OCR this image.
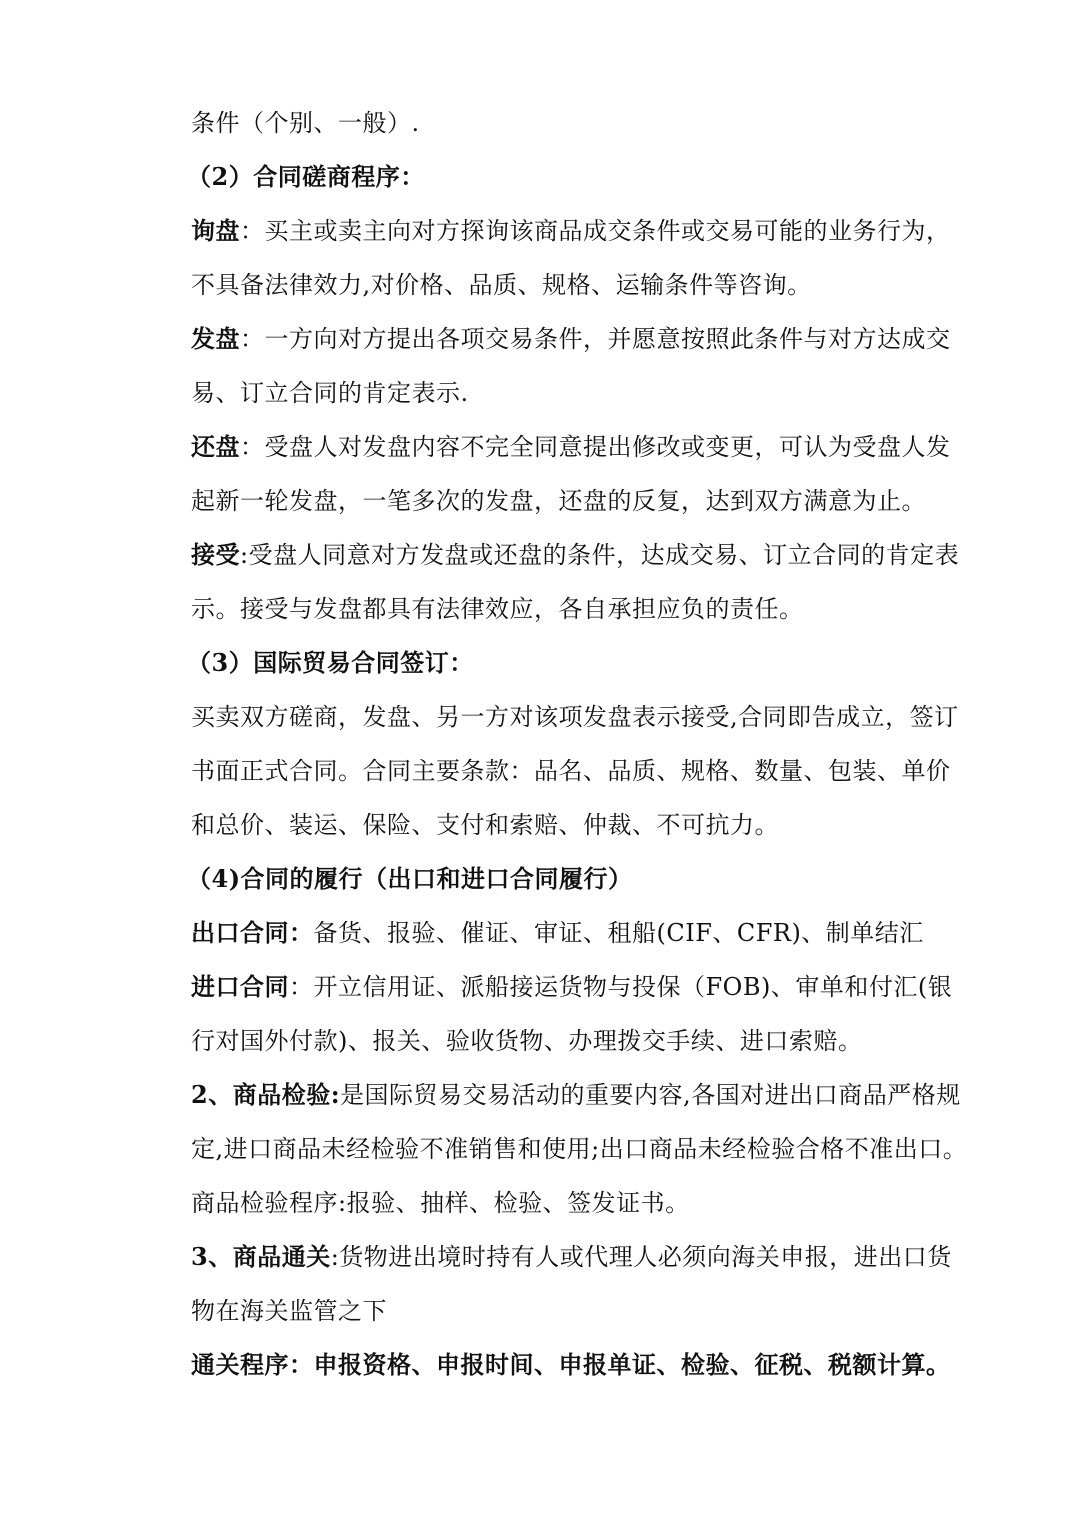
条件（个别、一般）.
（2）合同磋商程序：
询盘：买主或卖主向对方探询该商品成交条件或交易可能的业务行为，
不具备法律效力,对价格、品质、规格、运输条件等咨询。
发盘：一方向对方提出各项交易条件，并愿意按照此条件与对方达成交
易、订立合同的肯定表示.
还盘：受盘人对发盘内容不完全同意提出修改或变更，可认为受盘人发
起新一轮发盘，一笔多次的发盘，还盘的反复，达到双方满意为止。
接受:受盘人同意对方发盘或还盘的条件，达成交易、订立合同的肯定表
示。接受与发盘都具有法律效应，各自承担应负的责任。
（3）国际贸易合同签订：
买卖双方磋商，发盘、另一方对该项发盘表示接受,合同即告成立，签订
书面正式合同。合同主要条款：品名、品质、规格、数量、包装、单价
和总价、装运、保险、支付和索赔、仲裁、不可抗力。
（4)合同的履行（出口和进口合同履行）
出口合同：备货、报验、催证、审证、租船(CIF、CFR)、制单结汇
进口合同：开立信用证、派船接运货物与投保（FOB)、审单和付汇(银
行对国外付款)、报关、验收货物、办理拨交手续、进口索赔。
2、商品检验:是国际贸易交易活动的重要内容,各国对进出口商品严格规
定,进口商品未经检验不准销售和使用;出口商品未经检验合格不准出口。
商品检验程序:报验、抽样、检验、签发证书。
3、商品通关:货物进出境时持有人或代理人必须向海关申报，进出口货
物在海关监管之下
通关程序：申报资格、申报时间、申报单证、检验、征税、税额计算。
